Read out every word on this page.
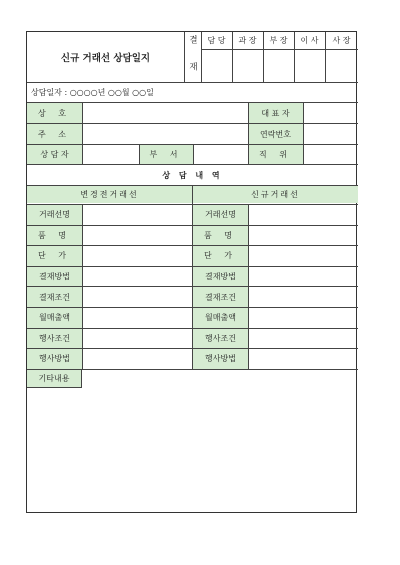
신규 거래선 상담일지	결 재	담 당	과 장	부 장	이 사	사 장
상담일자 : ○○○○년 ○○월 ○○일
상 호	대 표 자
주 소	연락번호
상 담 자	부 서	직 위
상 담 내 역
변경전거래선	신규거래선
거래선명	거래선명
품 명	품 명
단 가	단 가
결재방법	결재방법
결재조건	결재조건
월매출액	월매출액
행사조건	행사조건
행사방법	행사방법
기타내용
